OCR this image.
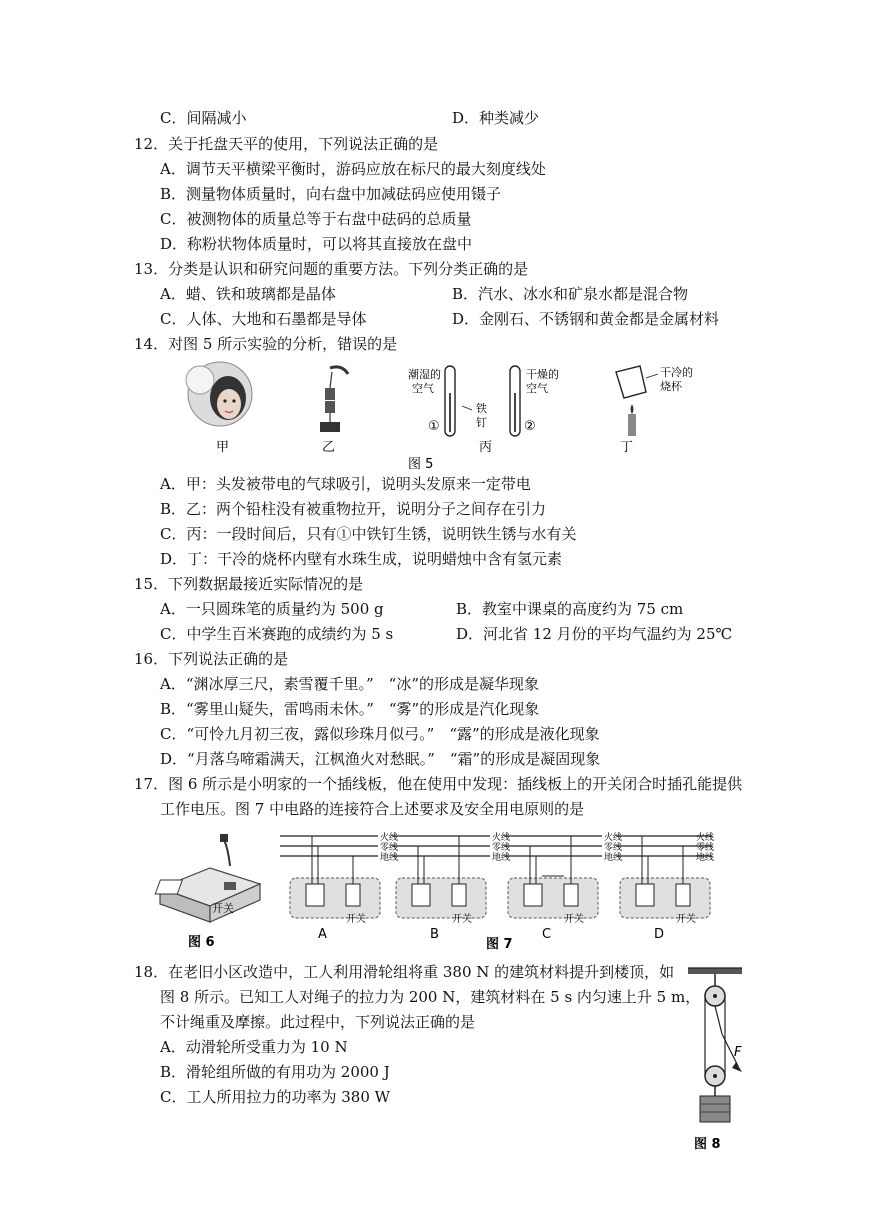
C．间隔减小	D．种类减少
12．关于托盘天平的使用，下列说法正确的是
A．调节天平横梁平衡时，游码应放在标尺的最大刻度线处
B．测量物体质量时，向右盘中加减砝码应使用镊子
C．被测物体的质量总等于右盘中砝码的总质量
D．称粉状物体质量时，可以将其直接放在盘中
13．分类是认识和研究问题的重要方法。下列分类正确的是
A．蜡、铁和玻璃都是晶体	B．汽水、冰水和矿泉水都是混合物
C．人体、大地和石墨都是导体	D．金刚石、不锈钢和黄金都是金属材料
14．对图 5 所示实验的分析，错误的是
甲	乙
潮湿的
空气
干燥的
空气
铁
钉
①	②
丙
干冷的
烧杯
丁
图 5
A．甲：头发被带电的气球吸引，说明头发原来一定带电
B．乙：两个铅柱没有被重物拉开，说明分子之间存在引力
C．丙：一段时间后，只有①中铁钉生锈，说明铁生锈与水有关
D．丁：干冷的烧杯内壁有水珠生成，说明蜡烛中含有氢元素
15．下列数据最接近实际情况的是
A．一只圆珠笔的质量约为 500 g	B．教室中课桌的高度约为 75 cm
C．中学生百米赛跑的成绩约为 5 s	D．河北省 12 月份的平均气温约为 25℃
16．下列说法正确的是
A．“渊冰厚三尺，素雪覆千里。”　“冰”的形成是凝华现象
B．“雾里山疑失，雷鸣雨未休。”　“雾”的形成是汽化现象
C．“可怜九月初三夜，露似珍珠月似弓。”　“露”的形成是液化现象
D．“月落乌啼霜满天，江枫渔火对愁眠。”　“霜”的形成是凝固现象
17．图 6 所示是小明家的一个插线板，他在使用中发现：插线板上的开关闭合时插孔能提供
工作电压。图 7 中电路的连接符合上述要求及安全用电原则的是
开关
图 6
开关
火线
零线
地线
A
开关
火线
零线
地线
B
图 7
开关
火线
零线
地线
C
开关
火线
零线
地线
D
18．在老旧小区改造中，工人利用滑轮组将重 380 N 的建筑材料提升到楼顶，如
图 8 所示。已知工人对绳子的拉力为 200 N，建筑材料在 5 s 内匀速上升 5 m，
不计绳重及摩擦。此过程中，下列说法正确的是
A．动滑轮所受重力为 10 N
B．滑轮组所做的有用功为 2000 J
C．工人所用拉力的功率为 380 W
F
图 8
